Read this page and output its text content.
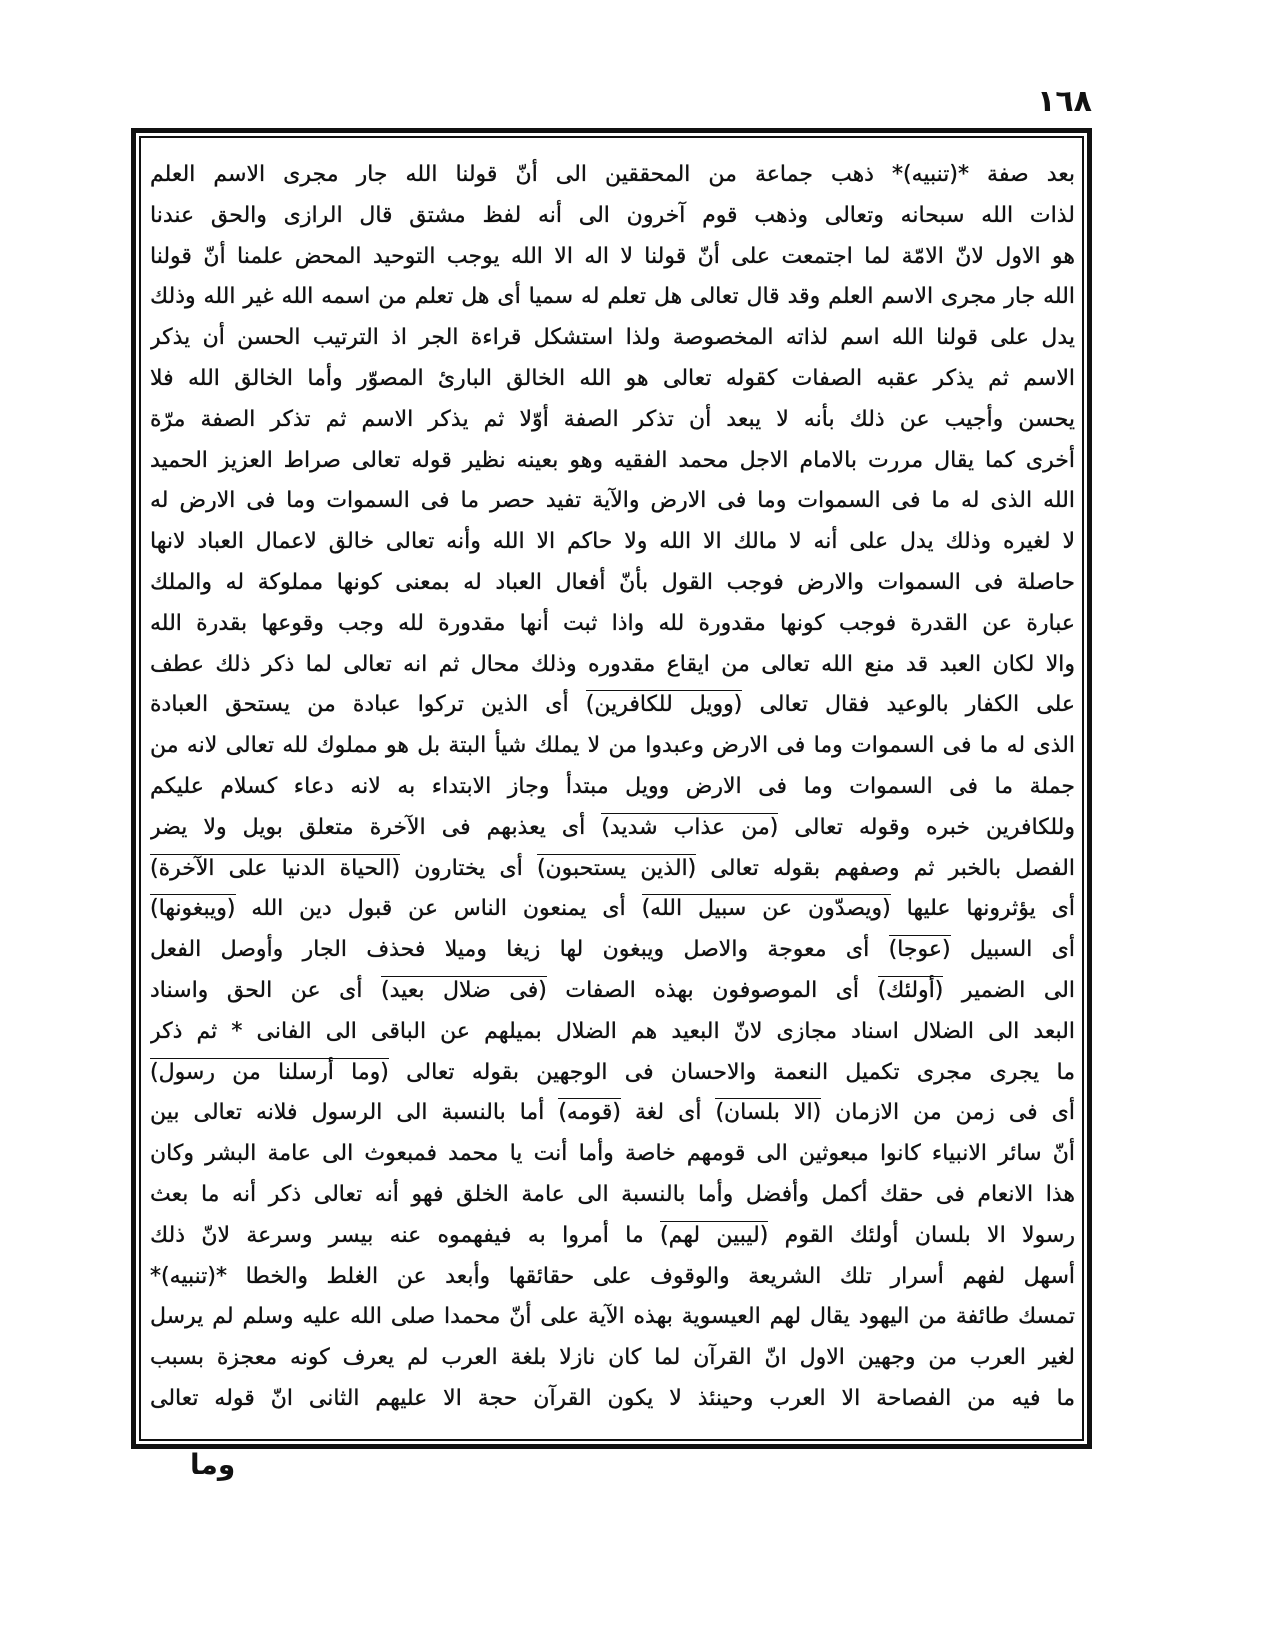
١٦٨
بعد صفة *(تنبيه)* ذهب جماعة من المحققين الى أنّ قولنا الله جار مجرى الاسم العلم
لذات الله سبحانه وتعالى وذهب قوم آخرون الى أنه لفظ مشتق قال الرازى والحق عندنا
هو الاول لانّ الامّة لما اجتمعت على أنّ قولنا لا اله الا الله يوجب التوحيد المحض علمنا أنّ قولنا
الله جار مجرى الاسم العلم وقد قال تعالى هل تعلم له سميا أى هل تعلم من اسمه الله غير الله وذلك
يدل على قولنا الله اسم لذاته المخصوصة ولذا استشكل قراءة الجر اذ الترتيب الحسن أن يذكر
الاسم ثم يذكر عقبه الصفات كقوله تعالى هو الله الخالق البارئ المصوّر وأما الخالق الله فلا
يحسن وأجيب عن ذلك بأنه لا يبعد أن تذكر الصفة أوّلا ثم يذكر الاسم ثم تذكر الصفة مرّة
أخرى كما يقال مررت بالامام الاجل محمد الفقيه وهو بعينه نظير قوله تعالى صراط العزيز الحميد
الله الذى له ما فى السموات وما فى الارض والآية تفيد حصر ما فى السموات وما فى الارض له
لا لغيره وذلك يدل على أنه لا مالك الا الله ولا حاكم الا الله وأنه تعالى خالق لاعمال العباد لانها
حاصلة فى السموات والارض فوجب القول بأنّ أفعال العباد له بمعنى كونها مملوكة له والملك
عبارة عن القدرة فوجب كونها مقدورة لله واذا ثبت أنها مقدورة لله وجب وقوعها بقدرة الله
والا لكان العبد قد منع الله تعالى من ايقاع مقدوره وذلك محال ثم انه تعالى لما ذكر ذلك عطف
على الكفار بالوعيد فقال تعالى (وويل للكافرين) أى الذين تركوا عبادة من يستحق العبادة
الذى له ما فى السموات وما فى الارض وعبدوا من لا يملك شيأ البتة بل هو مملوك لله تعالى لانه من
جملة ما فى السموات وما فى الارض وويل مبتدأ وجاز الابتداء به لانه دعاء كسلام عليكم
وللكافرين خبره وقوله تعالى (من عذاب شديد) أى يعذبهم فى الآخرة متعلق بويل ولا يضر
الفصل بالخبر ثم وصفهم بقوله تعالى (الذين يستحبون) أى يختارون (الحياة الدنيا على الآخرة)
أى يؤثرونها عليها (ويصدّون عن سبيل الله) أى يمنعون الناس عن قبول دين الله (ويبغونها)
أى السبيل (عوجا) أى معوجة والاصل ويبغون لها زيغا وميلا فحذف الجار وأوصل الفعل
الى الضمير (أولئك) أى الموصوفون بهذه الصفات (فى ضلال بعيد) أى عن الحق واسناد
البعد الى الضلال اسناد مجازى لانّ البعيد هم الضلال بميلهم عن الباقى الى الفانى * ثم ذكر
ما يجرى مجرى تكميل النعمة والاحسان فى الوجهين بقوله تعالى (وما أرسلنا من رسول)
أى فى زمن من الازمان (الا بلسان) أى لغة (قومه) أما بالنسبة الى الرسول فلانه تعالى بين
أنّ سائر الانبياء كانوا مبعوثين الى قومهم خاصة وأما أنت يا محمد فمبعوث الى عامة البشر وكان
هذا الانعام فى حقك أكمل وأفضل وأما بالنسبة الى عامة الخلق فهو أنه تعالى ذكر أنه ما بعث
رسولا الا بلسان أولئك القوم (ليبين لهم) ما أمروا به فيفهموه عنه بيسر وسرعة لانّ ذلك
أسهل لفهم أسرار تلك الشريعة والوقوف على حقائقها وأبعد عن الغلط والخطا *(تنبيه)*
تمسك طائفة من اليهود يقال لهم العيسوية بهذه الآية على أنّ محمدا صلى الله عليه وسلم لم يرسل
لغير العرب من وجهين الاول انّ القرآن لما كان نازلا بلغة العرب لم يعرف كونه معجزة بسبب
ما فيه من الفصاحة الا العرب وحينئذ لا يكون القرآن حجة الا عليهم الثانى انّ قوله تعالى
وما
